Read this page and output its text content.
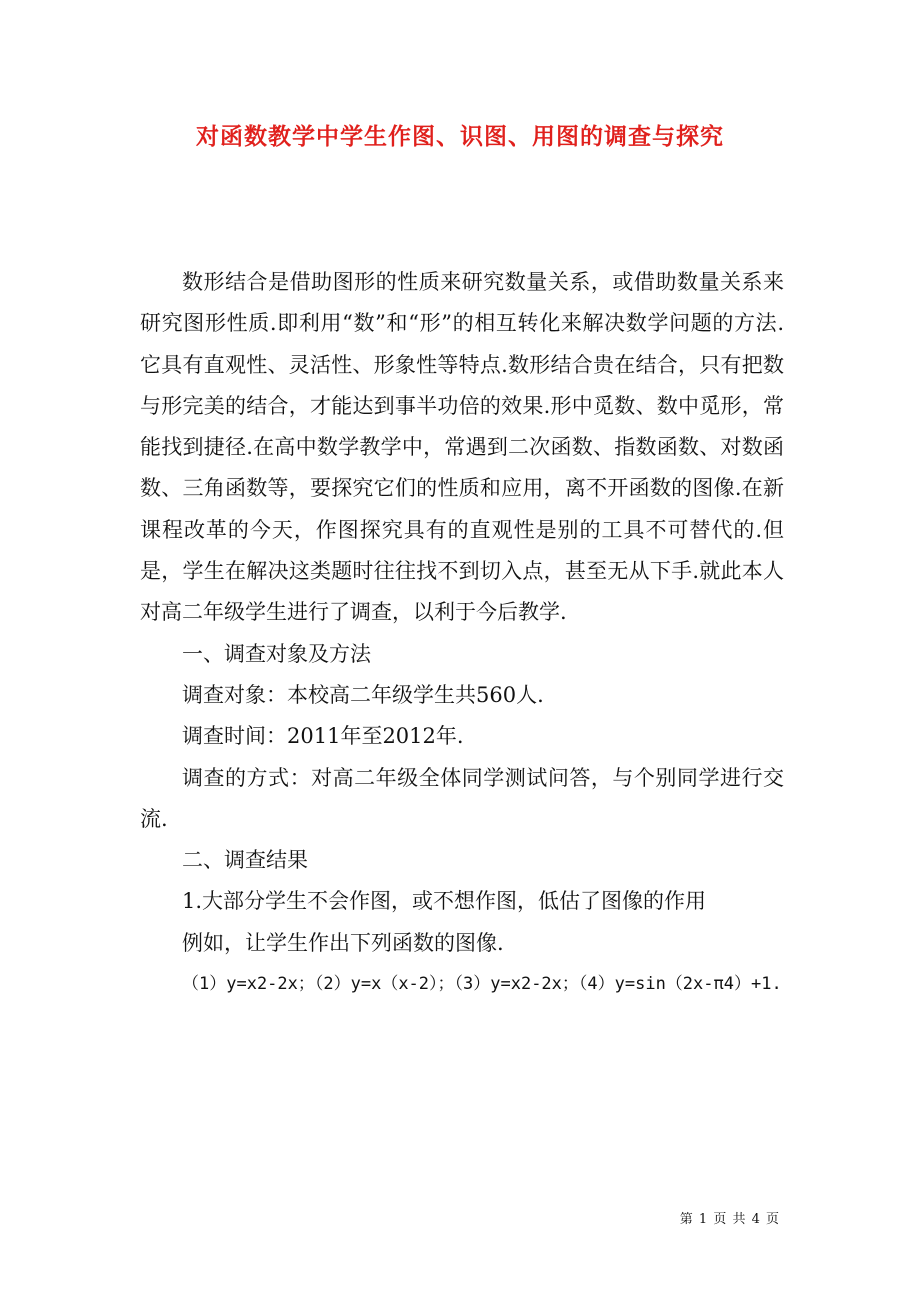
对函数教学中学生作图、识图、用图的调查与探究

数形结合是借助图形的性质来研究数量关系，或借助数量关系来研究图形性质.即利用“数”和“形”的相互转化来解决数学问题的方法.它具有直观性、灵活性、形象性等特点.数形结合贵在结合，只有把数与形完美的结合，才能达到事半功倍的效果.形中觅数、数中觅形，常能找到捷径.在高中数学教学中，常遇到二次函数、指数函数、对数函数、三角函数等，要探究它们的性质和应用，离不开函数的图像.在新课程改革的今天，作图探究具有的直观性是别的工具不可替代的.但是，学生在解决这类题时往往找不到切入点，甚至无从下手.就此本人对高二年级学生进行了调查，以利于今后教学.

一、调查对象及方法

调查对象：本校高二年级学生共560人.

调查时间：2011年至2012年.

调查的方式：对高二年级全体同学测试问答，与个别同学进行交流.

二、调查结果

1.大部分学生不会作图，或不想作图，低估了图像的作用

例如，让学生作出下列函数的图像.

（1）y=x2-2x；（2）y=x（x-2）；（3）y=x2-2x；（4）y=sin（2x-π4）+1.

第 1 页 共 4 页
